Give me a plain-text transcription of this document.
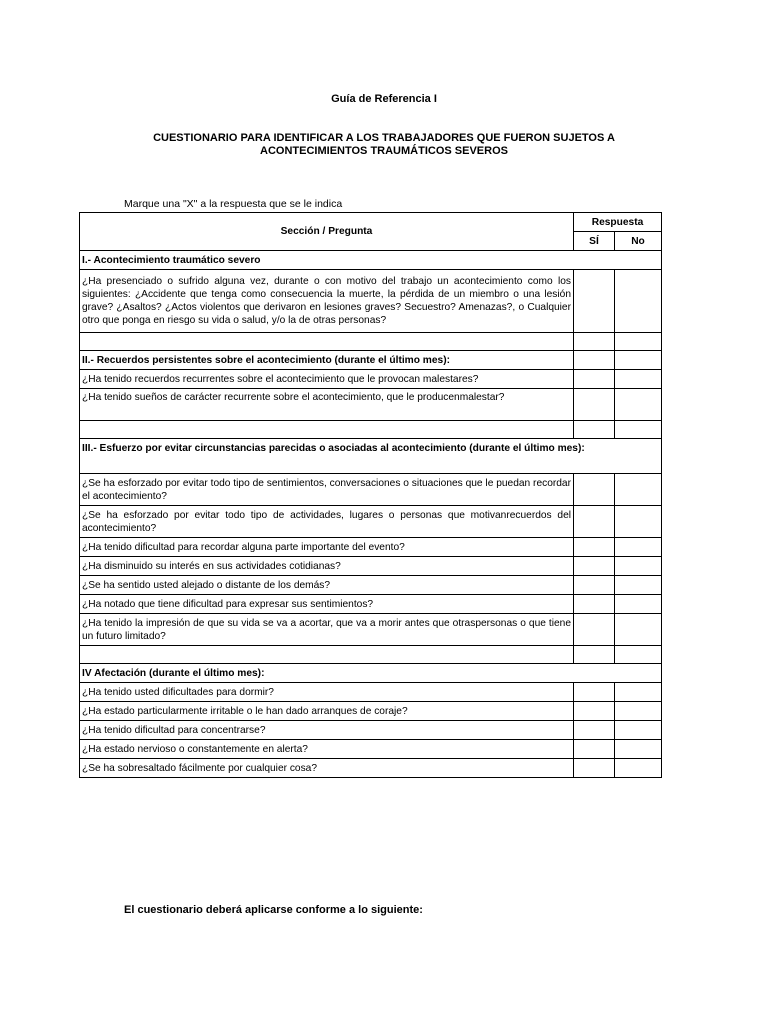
Guía de Referencia I
CUESTIONARIO PARA IDENTIFICAR A LOS TRABAJADORES QUE FUERON SUJETOS A
ACONTECIMIENTOS TRAUMÁTICOS SEVEROS
Marque una "X" a la respuesta que se le indica
Sección / Pregunta	Respuesta	
	SÍ	No
I.- Acontecimiento traumático severo		
¿Ha presenciado o sufrido alguna vez, durante o con motivo del trabajo un acontecimiento como los siguientes: ¿Accidente que tenga como consecuencia la muerte, la pérdida de un miembro o una lesión grave? ¿Asaltos? ¿Actos violentos que derivaron en lesiones graves? Secuestro? Amenazas?, o Cualquier otro que ponga en riesgo su vida o salud, y/o la de otras personas?		

II.- Recuerdos persistentes sobre el acontecimiento (durante el último mes):		
¿Ha tenido recuerdos recurrentes sobre el acontecimiento que le provocan malestares?		
¿Ha tenido sueños de carácter recurrente sobre el acontecimiento, que le producenmalestar?		

III.- Esfuerzo por evitar circunstancias parecidas o asociadas al acontecimiento (durante el último mes):		
¿Se ha esforzado por evitar todo tipo de sentimientos, conversaciones o situaciones que le puedan recordar el acontecimiento?		
¿Se ha esforzado por evitar todo tipo de actividades, lugares o personas que motivanrecuerdos del acontecimiento?		
¿Ha tenido dificultad para recordar alguna parte importante del evento?		
¿Ha disminuido su interés en sus actividades cotidianas?		
¿Se ha sentido usted alejado o distante de los demás?		
¿Ha notado que tiene dificultad para expresar sus sentimientos?		
¿Ha tenido la impresión de que su vida se va a acortar, que va a morir antes que otraspersonas o que tiene un futuro limitado?		

IV Afectación (durante el último mes):		
¿Ha tenido usted dificultades para dormir?		
¿Ha estado particularmente irritable o le han dado arranques de coraje?		
¿Ha tenido dificultad para concentrarse?		
¿Ha estado nervioso o constantemente en alerta?		
¿Se ha sobresaltado fácilmente por cualquier cosa?		
El cuestionario deberá aplicarse conforme a lo siguiente:
